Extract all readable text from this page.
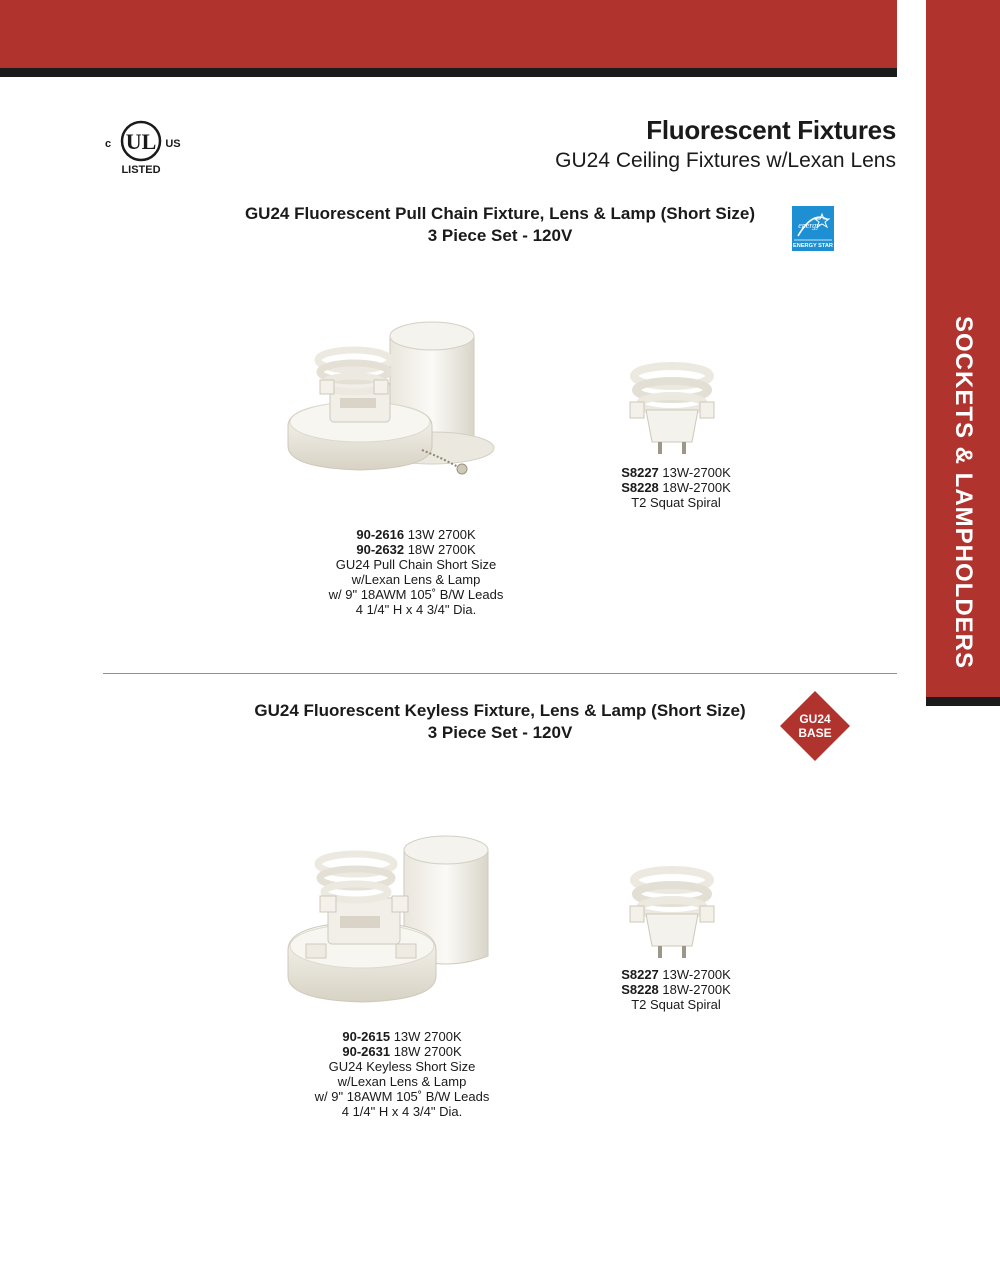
SOCKETS & LAMPHOLDERS
UL
c	US
LISTED
Fluorescent Fixtures
GU24 Ceiling Fixtures w/Lexan Lens
GU24 Fluorescent Pull Chain Fixture, Lens & Lamp (Short Size)
3 Piece Set - 120V
energy
ENERGY STAR
90-2616 13W 2700K
90-2632 18W 2700K
GU24 Pull Chain Short Size
w/Lexan Lens & Lamp
w/ 9" 18AWM 105˚ B/W Leads
4 1/4" H x 4 3/4" Dia.
S8227 13W-2700K
S8228 18W-2700K
T2 Squat Spiral
GU24 Fluorescent Keyless Fixture, Lens & Lamp (Short Size)
3 Piece Set - 120V
GU24
BASE
90-2615 13W 2700K
90-2631 18W 2700K
GU24 Keyless Short Size
w/Lexan Lens & Lamp
w/ 9" 18AWM 105˚ B/W Leads
4 1/4" H x 4 3/4" Dia.
S8227 13W-2700K
S8228 18W-2700K
T2 Squat Spiral
